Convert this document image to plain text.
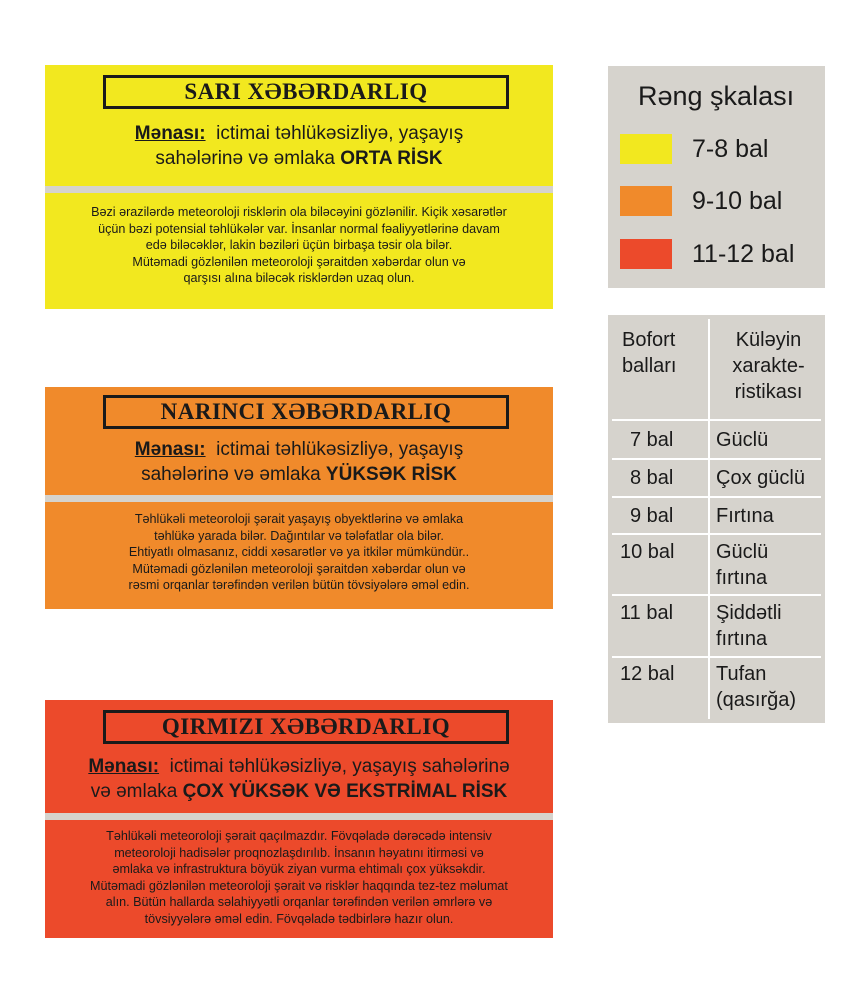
SARI XƏBƏRDARLIQ
Mənası: ictimai təhlükəsizliyə, yaşayış
sahələrinə və əmlaka ORTA RİSK
Bəzi ərazilərdə meteoroloji risklərin ola biləcəyini gözlənilir. Kiçik xəsarətlər
üçün bəzi potensial təhlükələr var. İnsanlar normal fəaliyyətlərinə davam
edə biləcəklər, lakin bəziləri üçün birbaşa təsir ola bilər.
Mütəmadi gözlənilən meteoroloji şəraitdən xəbərdar olun və
qarşısı alına biləcək risklərdən uzaq olun.
NARINCI XƏBƏRDARLIQ
Mənası: ictimai təhlükəsizliyə, yaşayış
sahələrinə və əmlaka YÜKSƏK RİSK
Təhlükəli meteoroloji şərait yaşayış obyektlərinə və əmlaka
təhlükə yarada bilər. Dağıntılar və tələfatlar ola bilər.
Ehtiyatlı olmasanız, ciddi xəsarətlər və ya itkilər mümkündür..
Mütəmadi gözlənilən meteoroloji şəraitdən xəbərdar olun və
rəsmi orqanlar tərəfindən verilən bütün tövsiyələrə əməl edin.
QIRMIZI XƏBƏRDARLIQ
Mənası: ictimai təhlükəsizliyə, yaşayış sahələrinə
və əmlaka ÇOX YÜKSƏK VƏ EKSTRİMAL RİSK
Təhlükəli meteoroloji şərait qaçılmazdır. Fövqəladə dərəcədə intensiv
meteoroloji hadisələr proqnozlaşdırılıb. İnsanın həyatını itirməsi və
əmlaka və infrastruktura böyük ziyan vurma ehtimalı çox yüksəkdir.
Mütəmadi gözlənilən meteoroloji şərait və risklər haqqında tez-tez məlumat
alın. Bütün hallarda səlahiyyətli orqanlar tərəfindən verilən əmrlərə və
tövsiyyələrə əməl edin. Fövqəladə tədbirlərə hazır olun.
Rəng şkalası
7-8 bal
9-10 bal
11-12 bal
Bofort
balları
Küləyin
xarakte-
ristikası
7 bal Güclü
8 bal Çox güclü
9 bal Fırtına
10 bal Güclü
fırtına
11 bal Şiddətli
fırtına
12 bal Tufan
(qasırğa)
